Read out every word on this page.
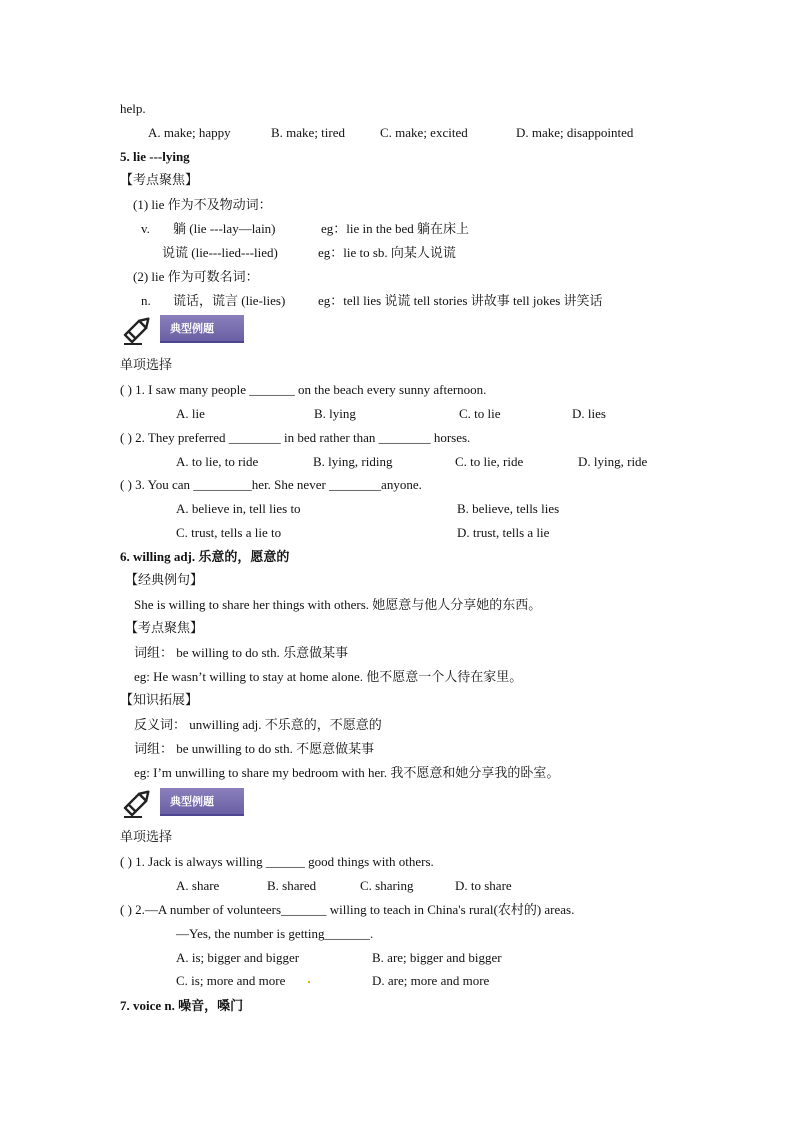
help.
A. make; happy	B. make; tired	C. make; excited	D. make; disappointed
5. lie ---lying
【考点聚焦】
(1) lie 作为不及物动词：
v. 躺 (lie ---lay—lain)	eg：lie in the bed 躺在床上
说谎 (lie---lied---lied)	eg：lie to sb. 向某人说谎
(2) lie 作为可数名词：
n. 谎话，谎言 (lie-lies)	eg：tell lies 说谎 tell stories 讲故事 tell jokes 讲笑话
典型例题
单项选择
( ) 1. I saw many people _______ on the beach every sunny afternoon.
A. lie	B. lying	C. to lie	D. lies
( ) 2. They preferred ________ in bed rather than ________ horses.
A. to lie, to ride	B. lying, riding	C. to lie, ride	D. lying, ride
( ) 3. You can _________her. She never ________anyone.
A. believe in, tell lies to	B. believe, tells lies
C. trust, tells a lie to	D. trust, tells a lie
6. willing adj. 乐意的，愿意的
【经典例句】
She is willing to share her things with others. 她愿意与他人分享她的东西。
【考点聚焦】
词组： be willing to do sth. 乐意做某事
eg: He wasn’t willing to stay at home alone. 他不愿意一个人待在家里。
【知识拓展】
反义词： unwilling adj. 不乐意的，不愿意的
词组： be unwilling to do sth. 不愿意做某事
eg: I’m unwilling to share my bedroom with her. 我不愿意和她分享我的卧室。
典型例题
单项选择
( ) 1. Jack is always willing ______ good things with others.
A. share	B. shared	C. sharing	D. to share
( ) 2.—A number of volunteers_______ willing to teach in China's rural(农村的) areas.
—Yes, the number is getting_______.
A. is; bigger and bigger	B. are; bigger and bigger
C. is; more and more	D. are; more and more
7. voice n. 噪音，嗓门
